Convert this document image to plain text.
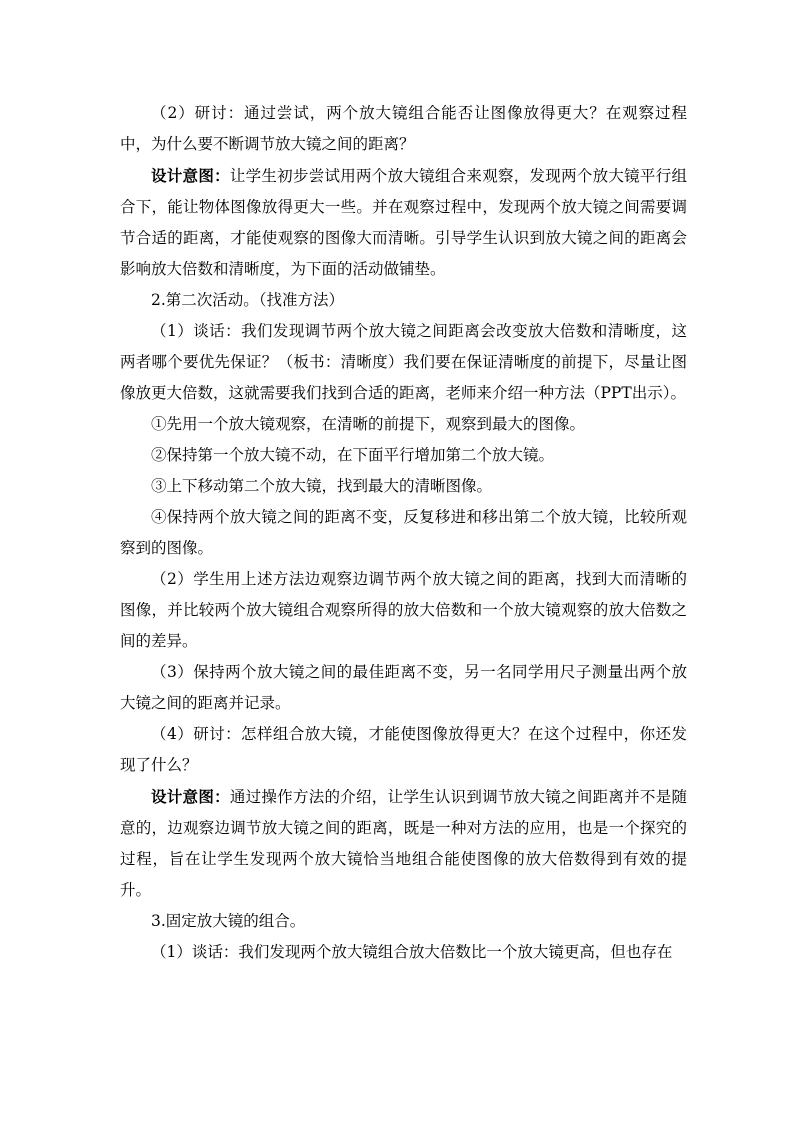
（2）研讨：通过尝试，两个放大镜组合能否让图像放得更大？在观察过程中，为什么要不断调节放大镜之间的距离？

设计意图：让学生初步尝试用两个放大镜组合来观察，发现两个放大镜平行组合下，能让物体图像放得更大一些。并在观察过程中，发现两个放大镜之间需要调节合适的距离，才能使观察的图像大而清晰。引导学生认识到放大镜之间的距离会影响放大倍数和清晰度，为下面的活动做铺垫。

2.第二次活动。（找准方法）

（1）谈话：我们发现调节两个放大镜之间距离会改变放大倍数和清晰度，这两者哪个要优先保证？（板书：清晰度）我们要在保证清晰度的前提下，尽量让图像放更大倍数，这就需要我们找到合适的距离，老师来介绍一种方法（PPT出示）。

①先用一个放大镜观察，在清晰的前提下，观察到最大的图像。

②保持第一个放大镜不动，在下面平行增加第二个放大镜。

③上下移动第二个放大镜，找到最大的清晰图像。

④保持两个放大镜之间的距离不变，反复移进和移出第二个放大镜，比较所观察到的图像。

（2）学生用上述方法边观察边调节两个放大镜之间的距离，找到大而清晰的图像，并比较两个放大镜组合观察所得的放大倍数和一个放大镜观察的放大倍数之间的差异。

（3）保持两个放大镜之间的最佳距离不变，另一名同学用尺子测量出两个放大镜之间的距离并记录。

（4）研讨：怎样组合放大镜，才能使图像放得更大？在这个过程中，你还发现了什么？

设计意图：通过操作方法的介绍，让学生认识到调节放大镜之间距离并不是随意的，边观察边调节放大镜之间的距离，既是一种对方法的应用，也是一个探究的过程，旨在让学生发现两个放大镜恰当地组合能使图像的放大倍数得到有效的提升。

3.固定放大镜的组合。

（1）谈话：我们发现两个放大镜组合放大倍数比一个放大镜更高，但也存在
